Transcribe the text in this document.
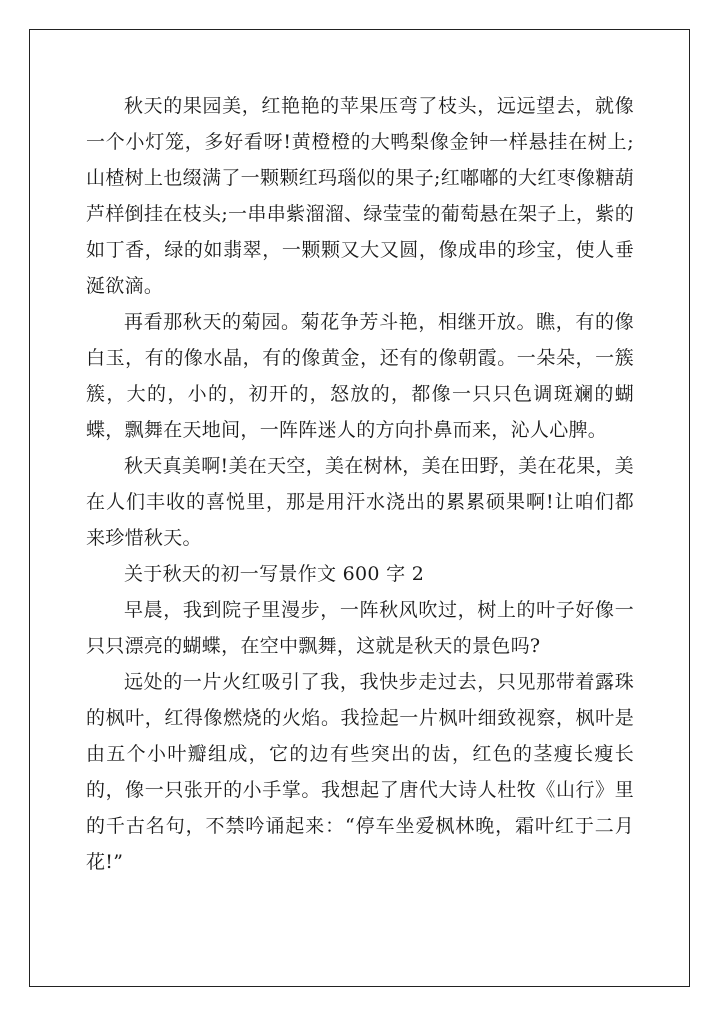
秋天的果园美，红艳艳的苹果压弯了枝头，远远望去，就像一个小灯笼，多好看呀!黄橙橙的大鸭梨像金钟一样悬挂在树上;山楂树上也缀满了一颗颗红玛瑙似的果子;红嘟嘟的大红枣像糖葫芦样倒挂在枝头;一串串紫溜溜、绿莹莹的葡萄悬在架子上，紫的如丁香，绿的如翡翠，一颗颗又大又圆，像成串的珍宝，使人垂涎欲滴。

再看那秋天的菊园。菊花争芳斗艳，相继开放。瞧，有的像白玉，有的像水晶，有的像黄金，还有的像朝霞。一朵朵，一簇簇，大的，小的，初开的，怒放的，都像一只只色调斑斓的蝴蝶，飘舞在天地间，一阵阵迷人的方向扑鼻而来，沁人心脾。

秋天真美啊!美在天空，美在树林，美在田野，美在花果，美在人们丰收的喜悦里，那是用汗水浇出的累累硕果啊!让咱们都来珍惜秋天。

关于秋天的初一写景作文 600 字 2

早晨，我到院子里漫步，一阵秋风吹过，树上的叶子好像一只只漂亮的蝴蝶，在空中飘舞，这就是秋天的景色吗?

远处的一片火红吸引了我，我快步走过去，只见那带着露珠的枫叶，红得像燃烧的火焰。我捡起一片枫叶细致视察，枫叶是由五个小叶瓣组成，它的边有些突出的齿，红色的茎瘦长瘦长的，像一只张开的小手掌。我想起了唐代大诗人杜牧《山行》里的千古名句，不禁吟诵起来：“停车坐爱枫林晚，霜叶红于二月花!”
